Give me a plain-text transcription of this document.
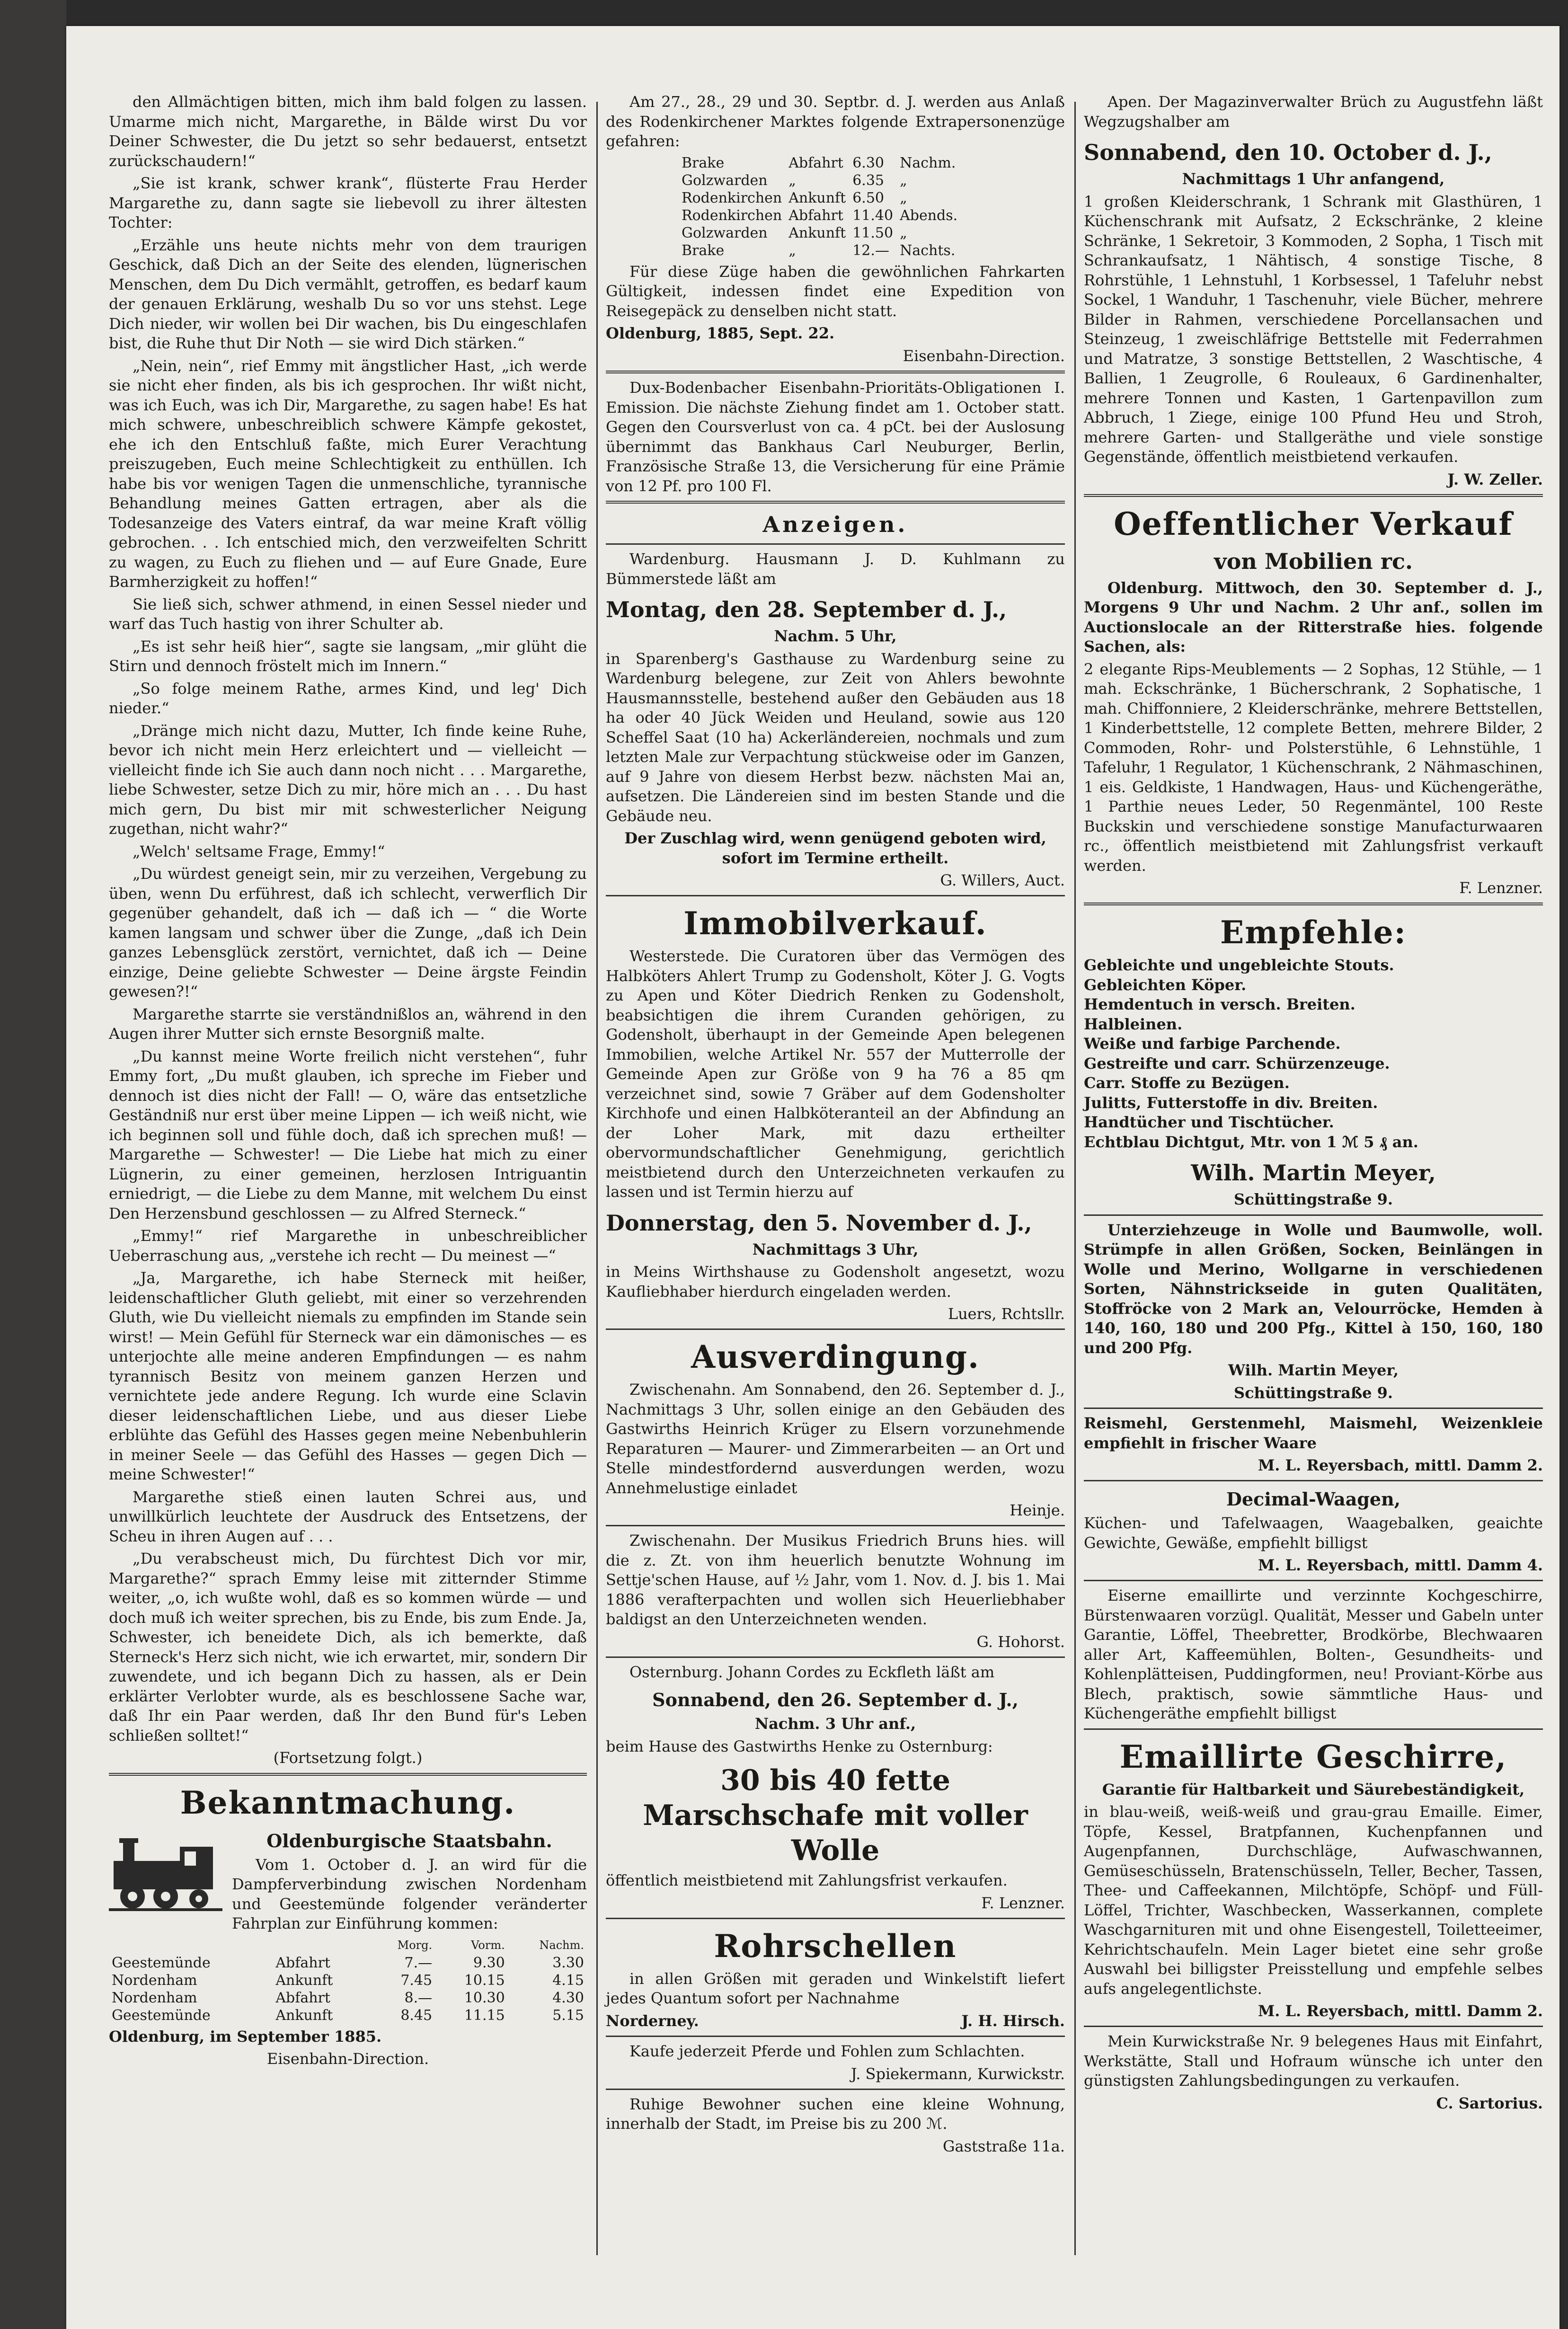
den Allmächtigen bitten, mich ihm bald folgen zu lassen. Umarme mich nicht, Margarethe, in Bälde wirst Du vor Deiner Schwester, die Du jetzt so sehr bedauerst, entsetzt zurückschaudern!“

„Sie ist krank, schwer krank“, flüsterte Frau Herder Margarethe zu, dann sagte sie liebevoll zu ihrer ältesten Tochter:

„Erzähle uns heute nichts mehr von dem traurigen Geschick, daß Dich an der Seite des elenden, lügnerischen Menschen, dem Du Dich vermählt, getroffen, es bedarf kaum der genauen Erklärung, weshalb Du so vor uns stehst. Lege Dich nieder, wir wollen bei Dir wachen, bis Du eingeschlafen bist, die Ruhe thut Dir Noth — sie wird Dich stärken.“

„Nein, nein“, rief Emmy mit ängstlicher Hast, „ich werde sie nicht eher finden, als bis ich gesprochen. Ihr wißt nicht, was ich Euch, was ich Dir, Margarethe, zu sagen habe! Es hat mich schwere, unbeschreiblich schwere Kämpfe gekostet, ehe ich den Entschluß faßte, mich Eurer Verachtung preiszugeben, Euch meine Schlechtigkeit zu enthüllen. Ich habe bis vor wenigen Tagen die unmenschliche, tyrannische Behandlung meines Gatten ertragen, aber als die Todesanzeige des Vaters eintraf, da war meine Kraft völlig gebrochen. . . Ich entschied mich, den verzweifelten Schritt zu wagen, zu Euch zu fliehen und — auf Eure Gnade, Eure Barmherzigkeit zu hoffen!“

Sie ließ sich, schwer athmend, in einen Sessel nieder und warf das Tuch hastig von ihrer Schulter ab.

„Es ist sehr heiß hier“, sagte sie langsam, „mir glüht die Stirn und dennoch fröstelt mich im Innern.“

„So folge meinem Rathe, armes Kind, und leg' Dich nieder.“

„Dränge mich nicht dazu, Mutter, Ich finde keine Ruhe, bevor ich nicht mein Herz erleichtert und — vielleicht — vielleicht finde ich Sie auch dann noch nicht . . . Margarethe, liebe Schwester, setze Dich zu mir, höre mich an . . . Du hast mich gern, Du bist mir mit schwesterlicher Neigung zugethan, nicht wahr?“

„Welch' seltsame Frage, Emmy!“

„Du würdest geneigt sein, mir zu verzeihen, Vergebung zu üben, wenn Du erführest, daß ich schlecht, verwerflich Dir gegenüber gehandelt, daß ich — daß ich — “ die Worte kamen langsam und schwer über die Zunge, „daß ich Dein ganzes Lebensglück zerstört, vernichtet, daß ich — Deine einzige, Deine geliebte Schwester — Deine ärgste Feindin gewesen?!“

Margarethe starrte sie verständnißlos an, während in den Augen ihrer Mutter sich ernste Besorgniß malte.

„Du kannst meine Worte freilich nicht verstehen“, fuhr Emmy fort, „Du mußt glauben, ich spreche im Fieber und dennoch ist dies nicht der Fall! — O, wäre das entsetzliche Geständniß nur erst über meine Lippen — ich weiß nicht, wie ich beginnen soll und fühle doch, daß ich sprechen muß! — Margarethe — Schwester! — Die Liebe hat mich zu einer Lügnerin, zu einer gemeinen, herzlosen Intriguantin erniedrigt, — die Liebe zu dem Manne, mit welchem Du einst Den Herzensbund geschlossen — zu Alfred Sterneck.“

„Emmy!“ rief Margarethe in unbeschreiblicher Ueberraschung aus, „verstehe ich recht — Du meinest —“

„Ja, Margarethe, ich habe Sterneck mit heißer, leidenschaftlicher Gluth geliebt, mit einer so verzehrenden Gluth, wie Du vielleicht niemals zu empfinden im Stande sein wirst! — Mein Gefühl für Sterneck war ein dämonisches — es unterjochte alle meine anderen Empfindungen — es nahm tyrannisch Besitz von meinem ganzen Herzen und vernichtete jede andere Regung. Ich wurde eine Sclavin dieser leidenschaftlichen Liebe, und aus dieser Liebe erblühte das Gefühl des Hasses gegen meine Nebenbuhlerin in meiner Seele — das Gefühl des Hasses — gegen Dich — meine Schwester!“

Margarethe stieß einen lauten Schrei aus, und unwillkürlich leuchtete der Ausdruck des Entsetzens, der Scheu in ihren Augen auf . . .

„Du verabscheust mich, Du fürchtest Dich vor mir, Margarethe?“ sprach Emmy leise mit zitternder Stimme weiter, „o, ich wußte wohl, daß es so kommen würde — und doch muß ich weiter sprechen, bis zu Ende, bis zum Ende. Ja, Schwester, ich beneidete Dich, als ich bemerkte, daß Sterneck's Herz sich nicht, wie ich erwartet, mir, sondern Dir zuwendete, und ich begann Dich zu hassen, als er Dein erklärter Verlobter wurde, als es beschlossene Sache war, daß Ihr ein Paar werden, daß Ihr den Bund für's Leben schließen solltet!“

(Fortsetzung folgt.)

Bekanntmachung.
Oldenburgische Staatsbahn.

Vom 1. October d. J. an wird für die Dampferverbindung zwischen Nordenham und Geestemünde folgender veränderter Fahrplan zur Einführung kommen:

		Morg.	Vorm.	Nachm.
Geestemünde	Abfahrt	7.—	9.30	3.30
Nordenham	Ankunft	7.45	10.15	4.15
Nordenham	Abfahrt	8.—	10.30	4.30
Geestemünde	Ankunft	8.45	11.15	5.15

Oldenburg, im September 1885.

Eisenbahn-Direction.

Am 27., 28., 29 und 30. Septbr. d. J. werden aus Anlaß des Rodenkirchener Marktes folgende Extrapersonenzüge gefahren:

Brake	Abfahrt	6.30	Nachm.
Golzwarden	„	6.35	„
Rodenkirchen	Ankunft	6.50	„
Rodenkirchen	Abfahrt	11.40	Abends.
Golzwarden	Ankunft	11.50	„
Brake	„	12.—	Nachts.

Für diese Züge haben die gewöhnlichen Fahrkarten Gültigkeit, indessen findet eine Expedition von Reisegepäck zu denselben nicht statt.

Oldenburg, 1885, Sept. 22.

Eisenbahn-Direction.

Dux-Bodenbacher Eisenbahn-Prioritäts-Obligationen I. Emission. Die nächste Ziehung findet am 1. October statt. Gegen den Coursverlust von ca. 4 pCt. bei der Auslosung übernimmt das Bankhaus Carl Neuburger, Berlin, Französische Straße 13, die Versicherung für eine Prämie von 12 Pf. pro 100 Fl.

Anzeigen.

Wardenburg. Hausmann J. D. Kuhlmann zu Bümmerstede läßt am

Montag, den 28. September d. J.,

Nachm. 5 Uhr,

in Sparenberg's Gasthause zu Wardenburg seine zu Wardenburg belegene, zur Zeit von Ahlers bewohnte Hausmannsstelle, bestehend außer den Gebäuden aus 18 ha oder 40 Jück Weiden und Heuland, sowie aus 120 Scheffel Saat (10 ha) Ackerländereien, nochmals und zum letzten Male zur Verpachtung stückweise oder im Ganzen, auf 9 Jahre von diesem Herbst bezw. nächsten Mai an, aufsetzen. Die Ländereien sind im besten Stande und die Gebäude neu.

Der Zuschlag wird, wenn genügend geboten wird, sofort im Termine ertheilt.

G. Willers, Auct.

Immobilverkauf.

Westerstede. Die Curatoren über das Vermögen des Halbköters Ahlert Trump zu Godensholt, Köter J. G. Vogts zu Apen und Köter Diedrich Renken zu Godensholt, beabsichtigen die ihrem Curanden gehörigen, zu Godensholt, überhaupt in der Gemeinde Apen belegenen Immobilien, welche Artikel Nr. 557 der Mutterrolle der Gemeinde Apen zur Größe von 9 ha 76 a 85 qm verzeichnet sind, sowie 7 Gräber auf dem Godensholter Kirchhofe und einen Halbköteranteil an der Abfindung an der Loher Mark, mit dazu ertheilter obervormundschaftlicher Genehmigung, gerichtlich meistbietend durch den Unterzeichneten verkaufen zu lassen und ist Termin hierzu auf

Donnerstag, den 5. November d. J.,

Nachmittags 3 Uhr,

in Meins Wirthshause zu Godensholt angesetzt, wozu Kaufliebhaber hierdurch eingeladen werden.

Luers, Rchtsllr.

Ausverdingung.

Zwischenahn. Am Sonnabend, den 26. September d. J., Nachmittags 3 Uhr, sollen einige an den Gebäuden des Gastwirths Heinrich Krüger zu Elsern vorzunehmende Reparaturen — Maurer- und Zimmerarbeiten — an Ort und Stelle mindestfordernd ausverdungen werden, wozu Annehmelustige einladet

Heinje.

Zwischenahn. Der Musikus Friedrich Bruns hies. will die z. Zt. von ihm heuerlich benutzte Wohnung im Settje'schen Hause, auf ½ Jahr, vom 1. Nov. d. J. bis 1. Mai 1886 verafterpachten und wollen sich Heuerliebhaber baldigst an den Unterzeichneten wenden.

G. Hohorst.

Osternburg. Johann Cordes zu Eckfleth läßt am

Sonnabend, den 26. September d. J.,

Nachm. 3 Uhr anf.,

beim Hause des Gastwirths Henke zu Osternburg:

30 bis 40 fette Marschschafe mit voller Wolle

öffentlich meistbietend mit Zahlungsfrist verkaufen.

F. Lenzner.

Rohrschellen

in allen Größen mit geraden und Winkelstift liefert jedes Quantum sofort per Nachnahme

Norderney.	J. H. Hirsch.

Kaufe jederzeit Pferde und Fohlen zum Schlachten.

J. Spiekermann, Kurwickstr.

Ruhige Bewohner suchen eine kleine Wohnung, innerhalb der Stadt, im Preise bis zu 200 ℳ.

Gaststraße 11a.

Apen. Der Magazinverwalter Brüch zu Augustfehn läßt Wegzugshalber am

Sonnabend, den 10. October d. J.,

Nachmittags 1 Uhr anfangend,

1 großen Kleiderschrank, 1 Schrank mit Glasthüren, 1 Küchenschrank mit Aufsatz, 2 Eckschränke, 2 kleine Schränke, 1 Sekretoir, 3 Kommoden, 2 Sopha, 1 Tisch mit Schrankaufsatz, 1 Nähtisch, 4 sonstige Tische, 8 Rohrstühle, 1 Lehnstuhl, 1 Korbsessel, 1 Tafeluhr nebst Sockel, 1 Wanduhr, 1 Taschenuhr, viele Bücher, mehrere Bilder in Rahmen, verschiedene Porcellansachen und Steinzeug, 1 zweischläfrige Bettstelle mit Federrahmen und Matratze, 3 sonstige Bettstellen, 2 Waschtische, 4 Ballien, 1 Zeugrolle, 6 Rouleaux, 6 Gardinenhalter, mehrere Tonnen und Kasten, 1 Gartenpavillon zum Abbruch, 1 Ziege, einige 100 Pfund Heu und Stroh, mehrere Garten- und Stallgeräthe und viele sonstige Gegenstände, öffentlich meistbietend verkaufen.

J. W. Zeller.

Oeffentlicher Verkauf
von Mobilien rc.

Oldenburg. Mittwoch, den 30. September d. J., Morgens 9 Uhr und Nachm. 2 Uhr anf., sollen im Auctionslocale an der Ritterstraße hies. folgende Sachen, als:

2 elegante Rips-Meublements — 2 Sophas, 12 Stühle, — 1 mah. Eckschränke, 1 Bücherschrank, 2 Sophatische, 1 mah. Chiffonniere, 2 Kleiderschränke, mehrere Bettstellen, 1 Kinderbettstelle, 12 complete Betten, mehrere Bilder, 2 Commoden, Rohr- und Polsterstühle, 6 Lehnstühle, 1 Tafeluhr, 1 Regulator, 1 Küchenschrank, 2 Nähmaschinen, 1 eis. Geldkiste, 1 Handwagen, Haus- und Küchengeräthe, 1 Parthie neues Leder, 50 Regenmäntel, 100 Reste Buckskin und verschiedene sonstige Manufacturwaaren rc., öffentlich meistbietend mit Zahlungsfrist verkauft werden.

F. Lenzner.

Empfehle:

Gebleichte und ungebleichte Stouts.

Gebleichten Köper.

Hemdentuch in versch. Breiten.

Halbleinen.

Weiße und farbige Parchende.

Gestreifte und carr. Schürzenzeuge.

Carr. Stoffe zu Bezügen.

Julitts, Futterstoffe in div. Breiten.

Handtücher und Tischtücher.

Echtblau Dichtgut, Mtr. von 1 ℳ 5 ₰ an.

Wilh. Martin Meyer,

Schüttingstraße 9.

Unterziehzeuge in Wolle und Baumwolle, woll. Strümpfe in allen Größen, Socken, Beinlängen in Wolle und Merino, Wollgarne in verschiedenen Sorten, Nähnstrickseide in guten Qualitäten, Stoffröcke von 2 Mark an, Velourröcke, Hemden à 140, 160, 180 und 200 Pfg., Kittel à 150, 160, 180 und 200 Pfg.

Wilh. Martin Meyer,

Schüttingstraße 9.

Reismehl, Gerstenmehl, Maismehl, Weizenkleie empfiehlt in frischer Waare

M. L. Reyersbach, mittl. Damm 2.

Decimal-Waagen,

Küchen- und Tafelwaagen, Waagebalken, geaichte Gewichte, Gewäße, empfiehlt billigst

M. L. Reyersbach, mittl. Damm 4.

Eiserne emaillirte und verzinnte Kochgeschirre, Bürstenwaaren vorzügl. Qualität, Messer und Gabeln unter Garantie, Löffel, Theebretter, Brodkörbe, Blechwaaren aller Art, Kaffeemühlen, Bolten-, Gesundheits- und Kohlenplätteisen, Puddingformen, neu! Proviant-Körbe aus Blech, praktisch, sowie sämmtliche Haus- und Küchengeräthe empfiehlt billigst

Emaillirte Geschirre,

Garantie für Haltbarkeit und Säurebeständigkeit,

in blau-weiß, weiß-weiß und grau-grau Emaille. Eimer, Töpfe, Kessel, Bratpfannen, Kuchenpfannen und Augenpfannen, Durchschläge, Aufwaschwannen, Gemüseschüsseln, Bratenschüsseln, Teller, Becher, Tassen, Thee- und Caffeekannen, Milchtöpfe, Schöpf- und Füll-Löffel, Trichter, Waschbecken, Wasserkannen, complete Waschgarnituren mit und ohne Eisengestell, Toiletteeimer, Kehrichtschaufeln. Mein Lager bietet eine sehr große Auswahl bei billigster Preisstellung und empfehle selbes aufs angelegentlichste.

M. L. Reyersbach, mittl. Damm 2.

Mein Kurwickstraße Nr. 9 belegenes Haus mit Einfahrt, Werkstätte, Stall und Hofraum wünsche ich unter den günstigsten Zahlungsbedingungen zu verkaufen.

C. Sartorius.
